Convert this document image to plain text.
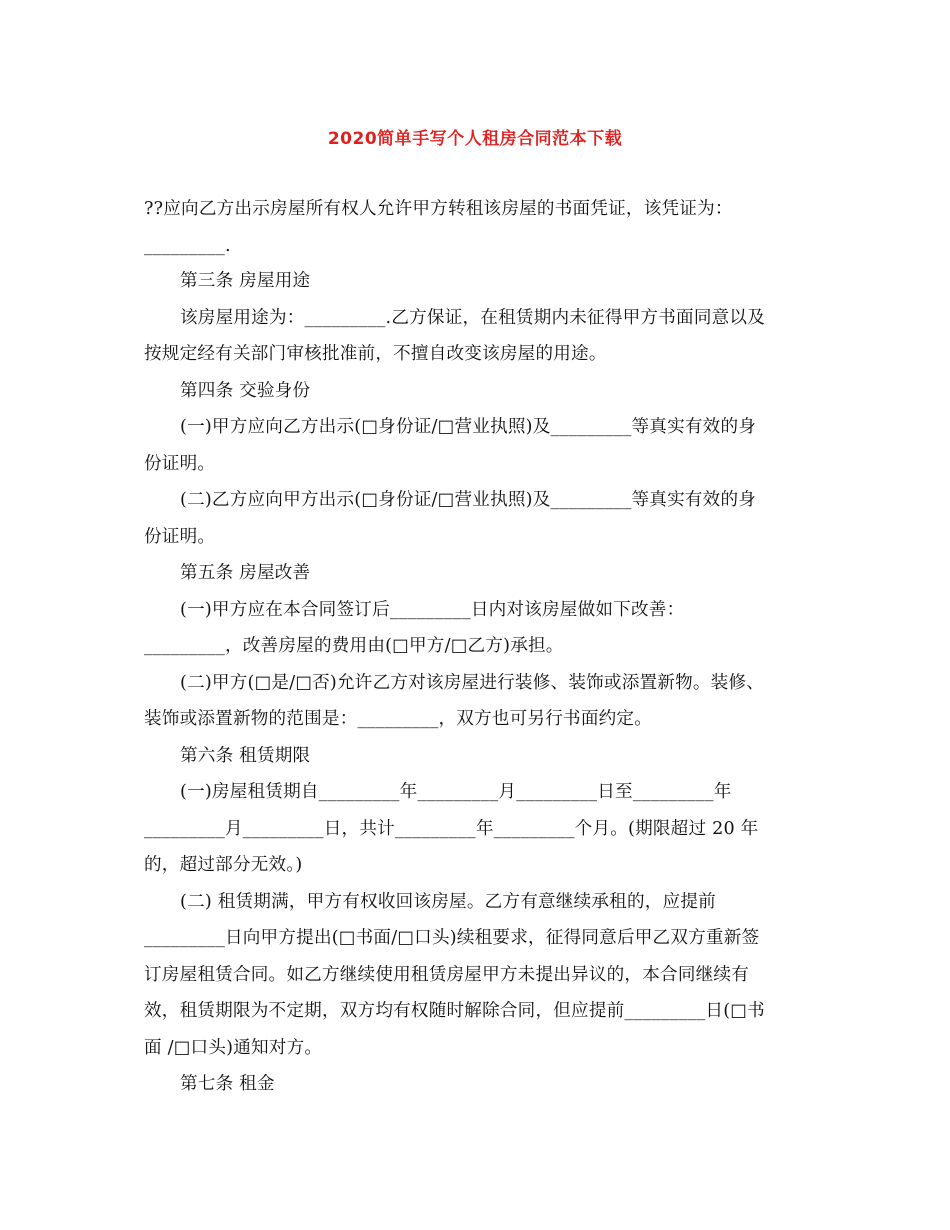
2020简单手写个人租房合同范本下载
??应向乙方出示房屋所有权人允许甲方转租该房屋的书面凭证，该凭证为：
_________.
第三条 房屋用途
该房屋用途为：_________.乙方保证，在租赁期内未征得甲方书面同意以及
按规定经有关部门审核批准前，不擅自改变该房屋的用途。
第四条 交验身份
(一)甲方应向乙方出示(□身份证/□营业执照)及_________等真实有效的身
份证明。
(二)乙方应向甲方出示(□身份证/□营业执照)及_________等真实有效的身
份证明。
第五条 房屋改善
(一)甲方应在本合同签订后_________日内对该房屋做如下改善：
_________，改善房屋的费用由(□甲方/□乙方)承担。
(二)甲方(□是/□否)允许乙方对该房屋进行装修、装饰或添置新物。装修、
装饰或添置新物的范围是：_________，双方也可另行书面约定。
第六条 租赁期限
(一)房屋租赁期自_________年_________月_________日至_________年
_________月_________日，共计_________年_________个月。(期限超过 20 年
的，超过部分无效。)
(二) 租赁期满，甲方有权收回该房屋。乙方有意继续承租的，应提前
_________日向甲方提出(□书面/□口头)续租要求，征得同意后甲乙双方重新签
订房屋租赁合同。如乙方继续使用租赁房屋甲方未提出异议的，本合同继续有
效，租赁期限为不定期，双方均有权随时解除合同，但应提前_________日(□书
面 /□口头)通知对方。
第七条 租金
